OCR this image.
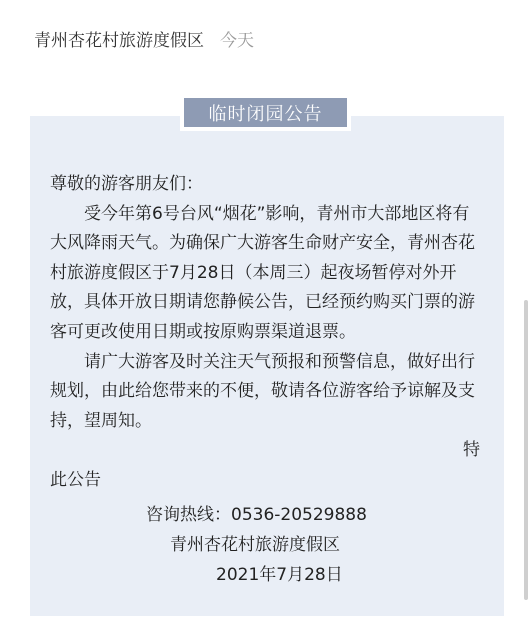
青州杏花村旅游度假区 今天
临时闭园公告

尊敬的游客朋友们：

受今年第6号台风“烟花”影响，青州市大部地区将有大风降雨天气。为确保广大游客生命财产安全，青州杏花村旅游度假区于7月28日（本周三）起夜场暂停对外开放，具体开放日期请您静候公告，已经预约购买门票的游客可更改使用日期或按原购票渠道退票。

请广大游客及时关注天气预报和预警信息，做好出行规划，由此给您带来的不便，敬请各位游客给予谅解及支持，望周知。

特

此公告

咨询热线：0536-20529888
青州杏花村旅游度假区
2021年7月28日
